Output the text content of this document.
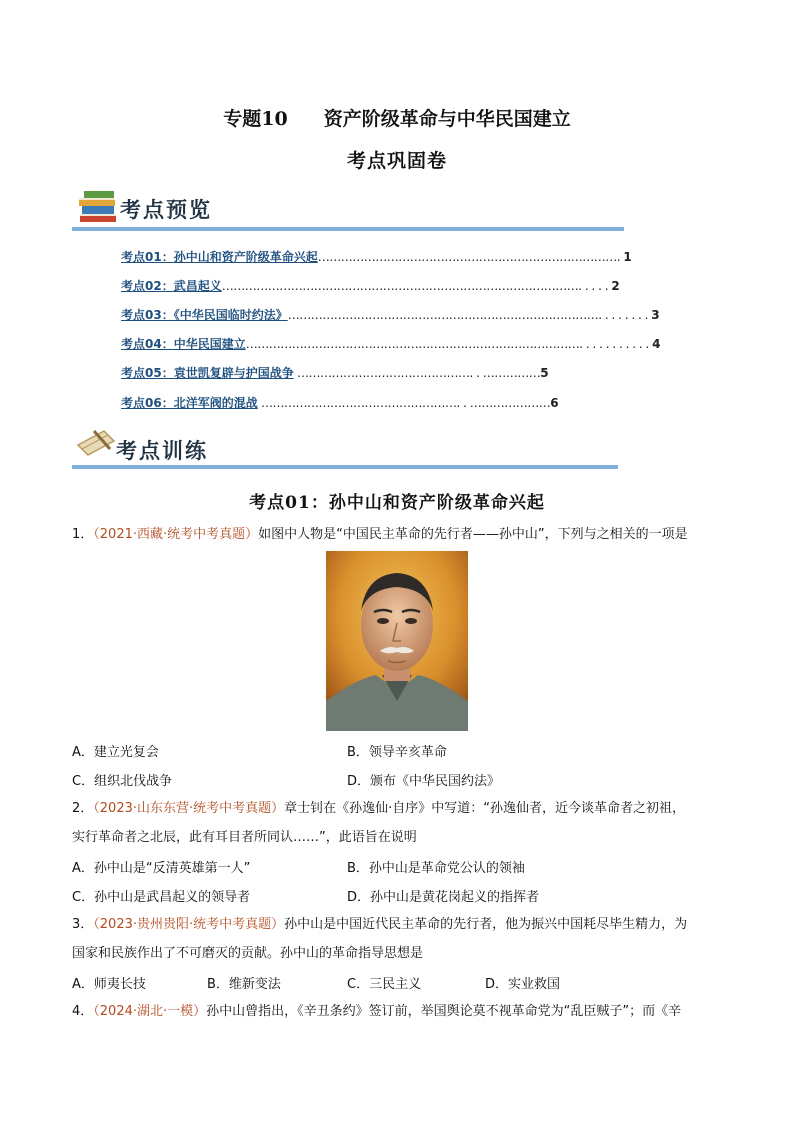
专题10 资产阶级革命与中华民国建立
考点巩固卷
考点预览
考点01：孙中山和资产阶级革命兴起……………………………………………………………………. 1
考点02：武昌起义…………………………………………………………………………………. . . . . 2
考点03：《中华民国临时约法》………………………………………………………………………. . . . . . . . 3
考点04：中华民国建立……………………………………………………………………………. . . . . . . . . . . 4
考点05：袁世凯复辟与护国战争 ………………………………………. . ……………5
考点06：北洋军阀的混战 ……………………………………………. . …………………6
考点训练
考点01：孙中山和资产阶级革命兴起
1．（2021·西藏·统考中考真题）如图中人物是“中国民主革命的先行者——孙中山”，下列与之相关的一项是
A．建立光复会	B．领导辛亥革命
C．组织北伐战争	D．颁布《中华民国约法》
2．（2023·山东东营·统考中考真题）章士钊在《孙逸仙·自序》中写道：“孙逸仙者，近今谈革命者之初祖，
实行革命者之北辰，此有耳目者所同认……”，此语旨在说明
A．孙中山是“反清英雄第一人”	B．孙中山是革命党公认的领袖
C．孙中山是武昌起义的领导者	D．孙中山是黄花岗起义的指挥者
3．（2023·贵州贵阳·统考中考真题）孙中山是中国近代民主革命的先行者，他为振兴中国耗尽毕生精力，为
国家和民族作出了不可磨灭的贡献。孙中山的革命指导思想是
A．师夷长技	B．维新变法	C．三民主义	D．实业救国
4．（2024·湖北·一模）孙中山曾指出，《辛丑条约》签订前，举国舆论莫不视革命党为“乱臣贼子”；而《辛
